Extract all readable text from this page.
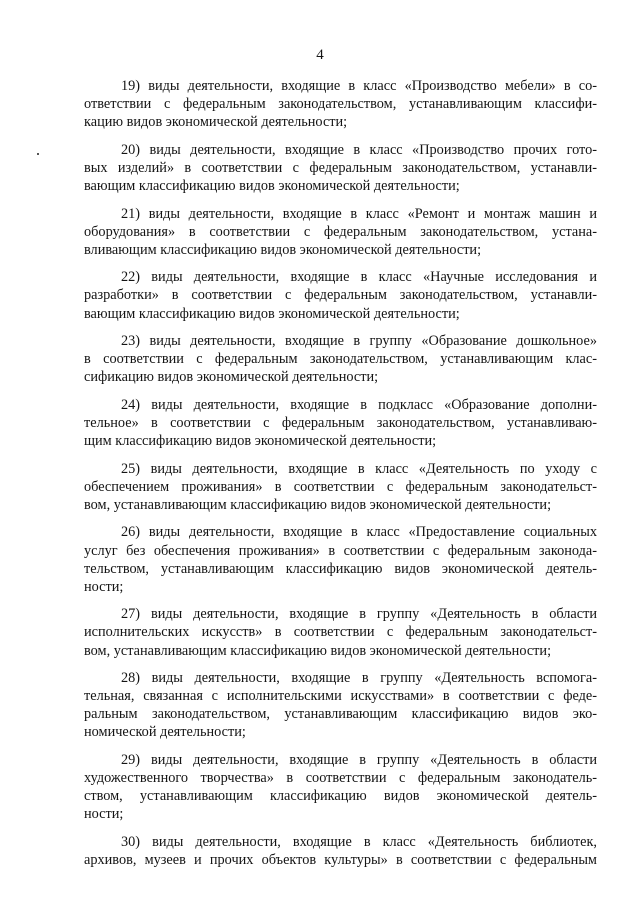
4
19) виды деятельности, входящие в класс «Производство мебели» в со-
ответствии с федеральным законодательством, устанавливающим классифи-
кацию видов экономической деятельности;
20) виды деятельности, входящие в класс «Производство прочих гото-
вых изделий» в соответствии с федеральным законодательством, устанавли-
вающим классификацию видов экономической деятельности;
21) виды деятельности, входящие в класс «Ремонт и монтаж машин и
оборудования» в соответствии с федеральным законодательством, устана-
вливающим классификацию видов экономической деятельности;
22) виды деятельности, входящие в класс «Научные исследования и
разработки» в соответствии с федеральным законодательством, устанавли-
вающим классификацию видов экономической деятельности;
23) виды деятельности, входящие в группу «Образование дошкольное»
в соответствии с федеральным законодательством, устанавливающим клас-
сификацию видов экономической деятельности;
24) виды деятельности, входящие в подкласс «Образование дополни-
тельное» в соответствии с федеральным законодательством, устанавливаю-
щим классификацию видов экономической деятельности;
25) виды деятельности, входящие в класс «Деятельность по уходу с
обеспечением проживания» в соответствии с федеральным законодательст-
вом, устанавливающим классификацию видов экономической деятельности;
26) виды деятельности, входящие в класс «Предоставление социальных
услуг без обеспечения проживания» в соответствии с федеральным законода-
тельством, устанавливающим классификацию видов экономической деятель-
ности;
27) виды деятельности, входящие в группу «Деятельность в области
исполнительских искусств» в соответствии с федеральным законодательст-
вом, устанавливающим классификацию видов экономической деятельности;
28) виды деятельности, входящие в группу «Деятельность вспомога-
тельная, связанная с исполнительскими искусствами» в соответствии с феде-
ральным законодательством, устанавливающим классификацию видов эко-
номической деятельности;
29) виды деятельности, входящие в группу «Деятельность в области
художественного творчества» в соответствии с федеральным законодатель-
ством, устанавливающим классификацию видов экономической деятель-
ности;
30) виды деятельности, входящие в класс «Деятельность библиотек,
архивов, музеев и прочих объектов культуры» в соответствии с федеральным
